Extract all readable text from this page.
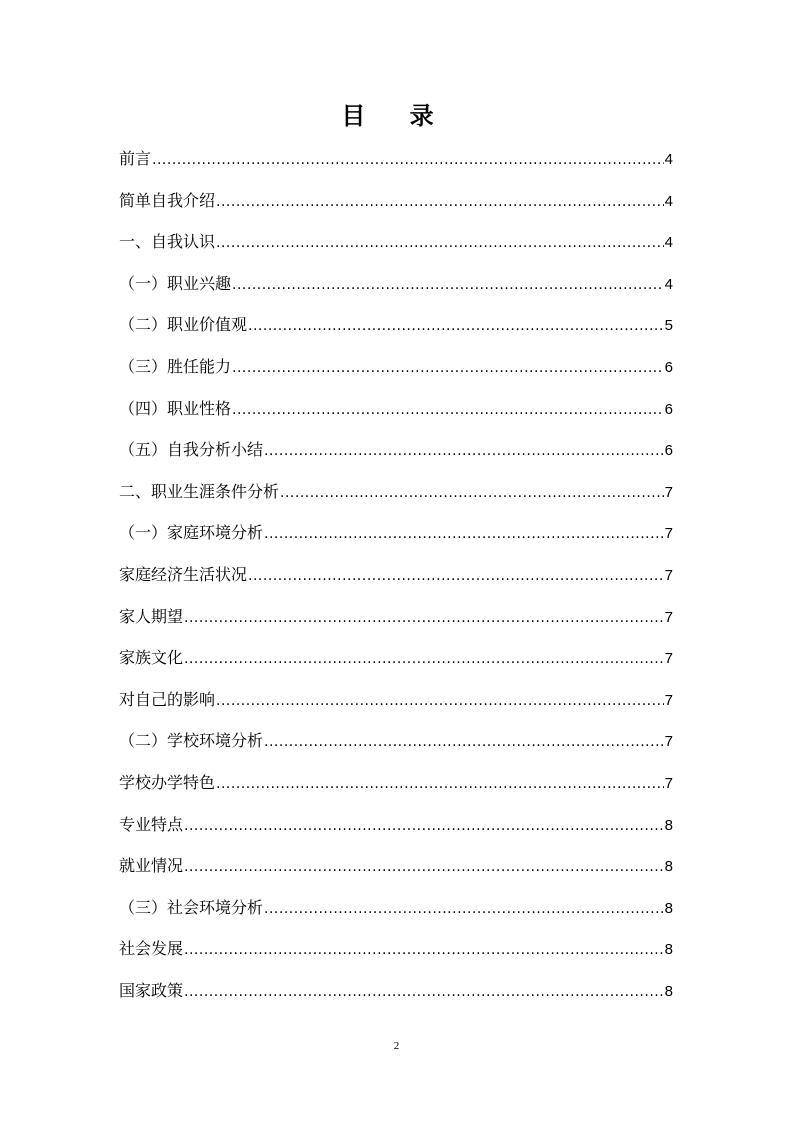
目 录
前言 .....	4
简单自我介绍 .....	4
一、自我认识 .....	4
（一）职业兴趣 .....	4
（二）职业价值观 .....	5
（三）胜任能力 .....	6
（四）职业性格 .....	6
（五）自我分析小结 .....	6
二、职业生涯条件分析 .....	7
（一）家庭环境分析 .....	7
家庭经济生活状况 .....	7
家人期望 .....	7
家族文化 .....	7
对自己的影响 .....	7
（二）学校环境分析 .....	7
学校办学特色 .....	7
专业特点 .....	8
就业情况 .....	8
（三）社会环境分析 .....	8
社会发展 .....	8
国家政策 .....	8
2
